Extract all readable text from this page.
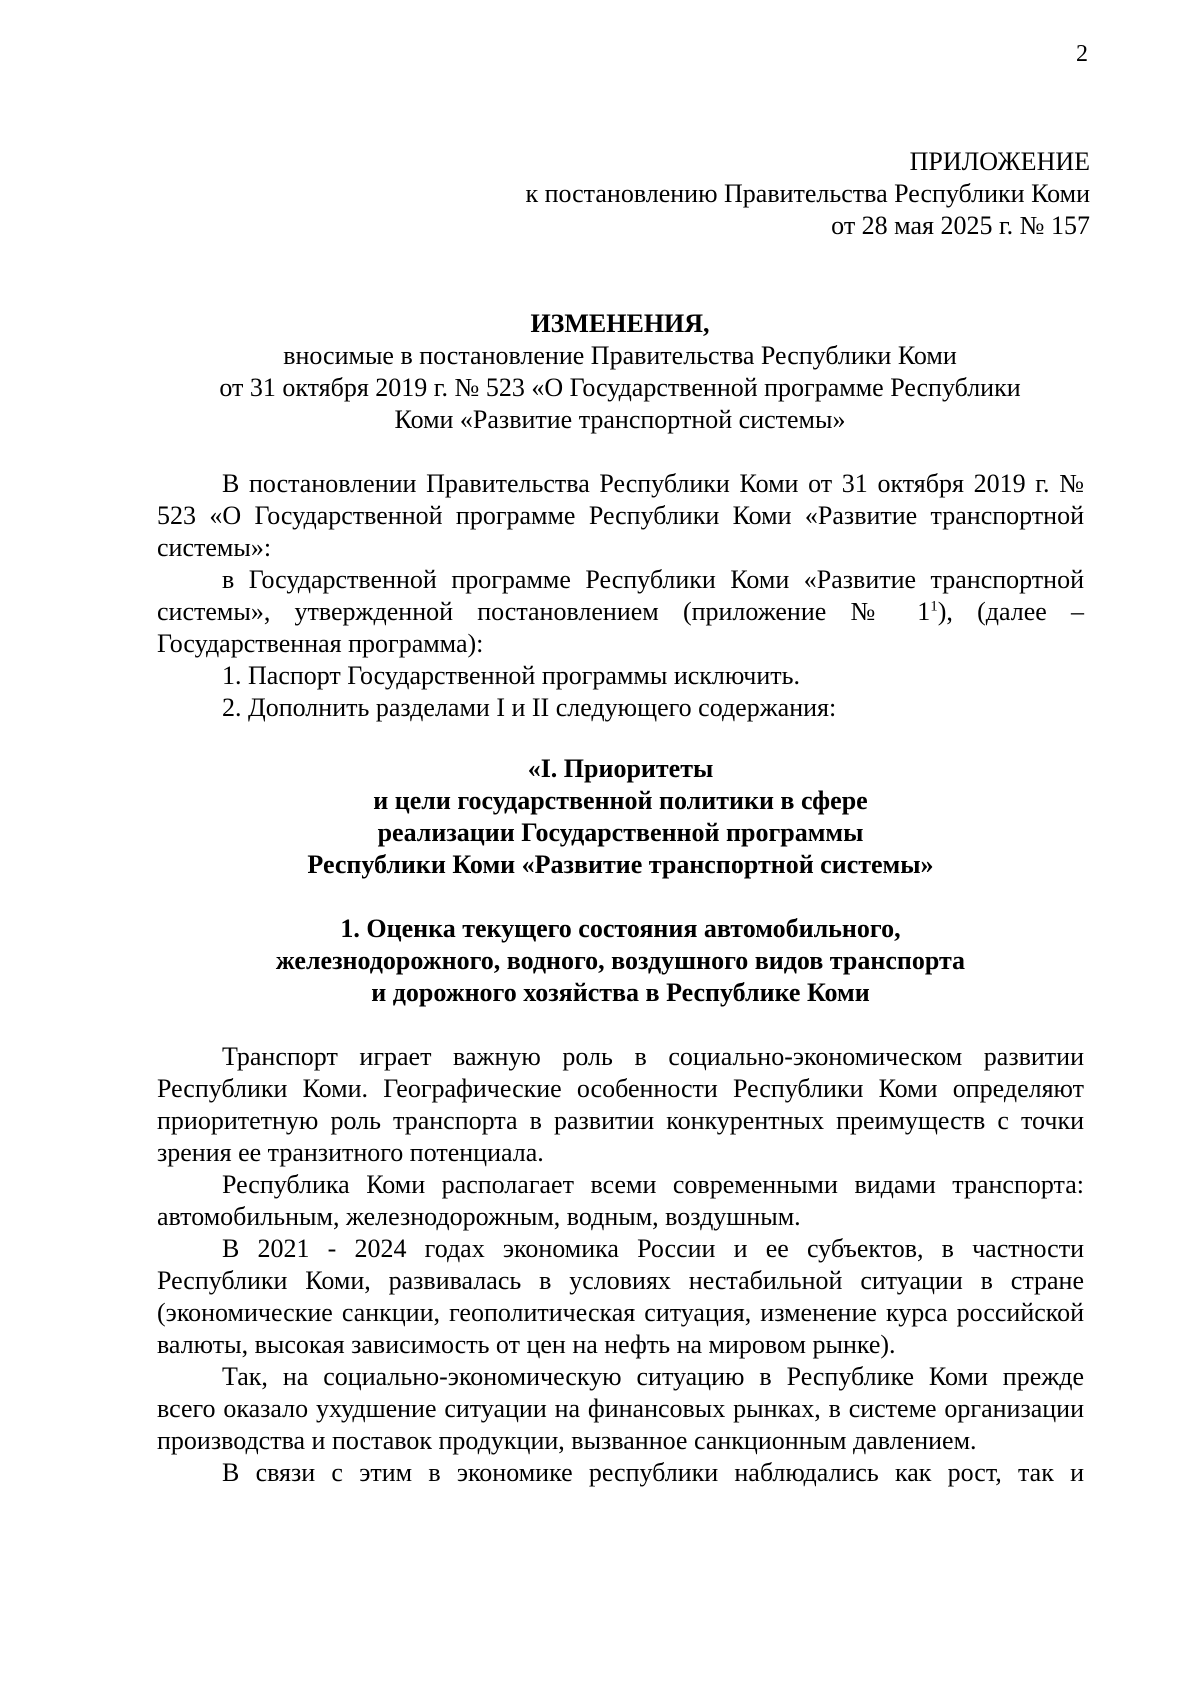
2
ПРИЛОЖЕНИЕ
к постановлению Правительства Республики Коми
от 28 мая 2025 г. № 157
ИЗМЕНЕНИЯ,
вносимые в постановление Правительства Республики Коми
от 31 октября 2019 г. № 523 «О Государственной программе Республики
Коми «Развитие транспортной системы»

В постановлении Правительства Республики Коми от 31 октября 2019 г. № 523 «О Государственной программе Республики Коми «Развитие транспортной системы»:

в Государственной программе Республики Коми «Развитие транспортной системы», утвержденной постановлением (приложение № $1^1$), (далее – Государственная программа):

1. Паспорт Государственной программы исключить.

2. Дополнить разделами I и II следующего содержания:

«I. Приоритеты

и цели государственной политики в сфере

реализации Государственной программы

Республики Коми «Развитие транспортной системы»

1. Оценка текущего состояния автомобильного,

железнодорожного, водного, воздушного видов транспорта

и дорожного хозяйства в Республике Коми

Транспорт играет важную роль в социально-экономическом развитии Республики Коми. Географические особенности Республики Коми определяют приоритетную роль транспорта в развитии конкурентных преимуществ с точки зрения ее транзитного потенциала.

Республика Коми располагает всеми современными видами транспорта: автомобильным, железнодорожным, водным, воздушным.

В 2021 - 2024 годах экономика России и ее субъектов, в частности Республики Коми, развивалась в условиях нестабильной ситуации в стране (экономические санкции, геополитическая ситуация, изменение курса российской валюты, высокая зависимость от цен на нефть на мировом рынке).

Так, на социально-экономическую ситуацию в Республике Коми прежде всего оказало ухудшение ситуации на финансовых рынках, в системе организации производства и поставок продукции, вызванное санкционным давлением.

В связи с этим в экономике республики наблюдались как рост, так и
